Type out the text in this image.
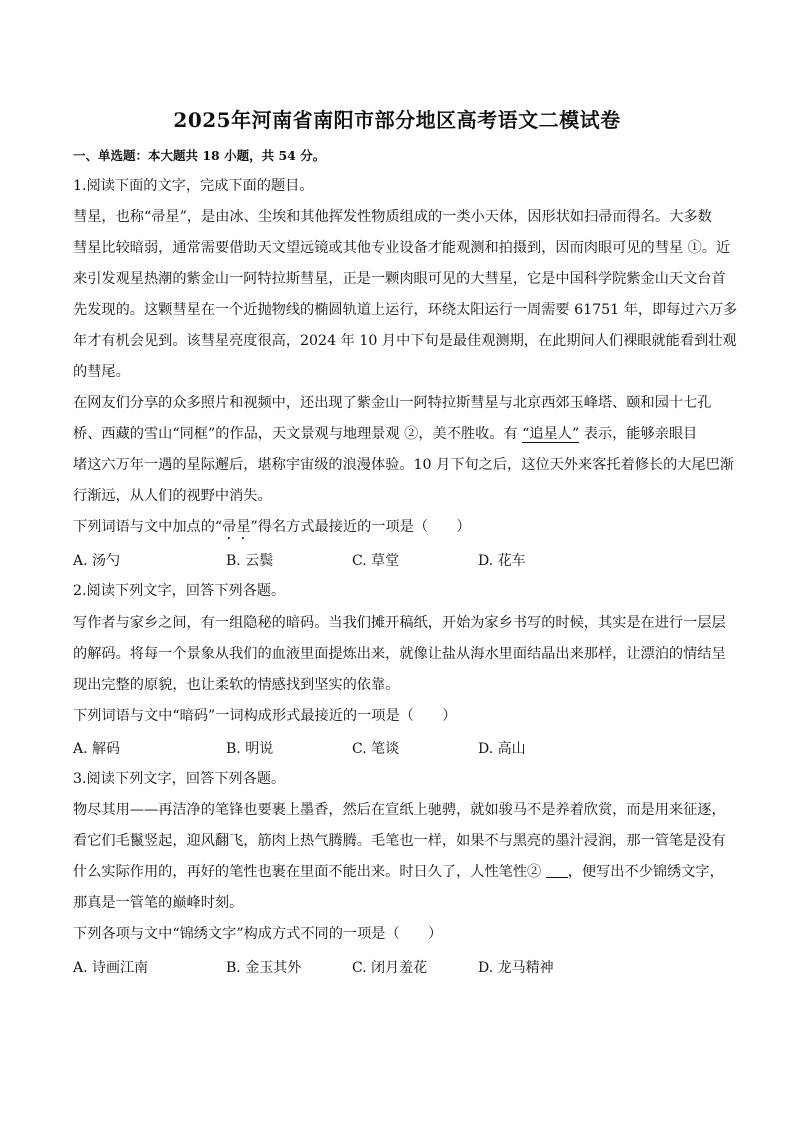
2025年河南省南阳市部分地区高考语文二模试卷
一、单选题：本大题共 18 小题，共 54 分。
1.阅读下面的文字，完成下面的题目。
彗星，也称“帚星”，是由冰、尘埃和其他挥发性物质组成的一类小天体，因形状如扫帚而得名。大多数
彗星比较暗弱，通常需要借助天文望远镜或其他专业设备才能观测和拍摄到，因而肉眼可见的彗星 ①。近
来引发观星热潮的紫金山一阿特拉斯彗星，正是一颗肉眼可见的大彗星，它是中国科学院紫金山天文台首
先发现的。这颗彗星在一个近抛物线的椭圆轨道上运行，环绕太阳运行一周需要 61751 年，即每过六万多
年才有机会见到。该彗星亮度很高，2024 年 10 月中下旬是最佳观测期，在此期间人们裸眼就能看到壮观
的彗尾。
在网友们分享的众多照片和视频中，还出现了紫金山一阿特拉斯彗星与北京西郊玉峰塔、颐和园十七孔
桥、西藏的雪山“同框”的作品，天文景观与地理景观 ②，美不胜收。有 “追星人” 表示，能够亲眼目
堵这六万年一遇的星际邂后，堪称宇宙级的浪漫体验。10 月下旬之后，这位天外来客托着修长的大尾巴渐
行渐远，从人们的视野中消失。
下列词语与文中加点的“帚星”得名方式最接近的一项是（　　）
A. 汤勺	B. 云鬓	C. 草堂	D. 花车
2.阅读下列文字，回答下列各题。
写作者与家乡之间，有一组隐秘的暗码。当我们摊开稿纸，开始为家乡书写的时候，其实是在进行一层层
的解码。将每一个景象从我们的血液里面提炼出来，就像让盐从海水里面结晶出来那样，让漂泊的情结呈
现出完整的原貌，也让柔软的情感找到坚实的依靠。
下列词语与文中“暗码”一词构成形式最接近的一项是（　　）
A. 解码	B. 明说	C. 笔谈	D. 高山
3.阅读下列文字，回答下列各题。
物尽其用——再洁净的笔锋也要裹上墨香，然后在宣纸上驰骋，就如骏马不是养着欣赏，而是用来征逐，
看它们毛鬣竖起，迎风翻飞，筋肉上热气腾腾。毛笔也一样，如果不与黑亮的墨汁浸润，那一管笔是没有
什么实际作用的，再好的笔性也裹在里面不能出来。时日久了，人性笔性② ，便写出不少锦绣文字，
那真是一管笔的巅峰时刻。
下列各项与文中“锦绣文字”构成方式不同的一项是（　　）
A. 诗画江南	B. 金玉其外	C. 闭月羞花	D. 龙马精神
